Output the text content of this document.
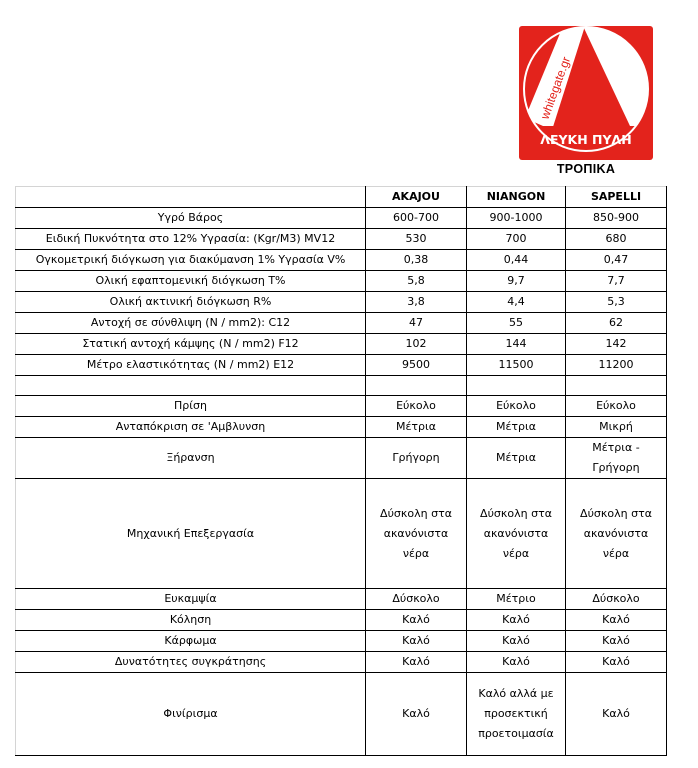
whitegate.gr
ΛΕΥΚΗ ΠΥΛΗ
ΤΡΟΠΙΚΑ
	AKAJOU	NIANGON	SAPELLI
Υγρό Βάρος	600-700	900-1000	850-900
Ειδική Πυκνότητα στο 12% Υγρασία: (Kgr/M3) MV12	530	700	680
Ογκομετρική διόγκωση για διακύμανση 1% Υγρασία V%	0,38	0,44	0,47
Ολική εφαπτομενική διόγκωση T%	5,8	9,7	7,7
Ολική ακτινική διόγκωση R%	3,8	4,4	5,3
Αντοχή σε σύνθλιψη (N / mm2): C12	47	55	62
Στατική αντοχή κάμψης (N / mm2) F12	102	144	142
Μέτρο ελαστικότητας (N / mm2) E12	9500	11500	11200

Πρίση	Εύκολο	Εύκολο	Εύκολο
Ανταπόκριση σε 'Αμβλυνση	Μέτρια	Μέτρια	Μικρή
Ξήρανση	Γρήγορη	Μέτρια	Μέτρια -
Γρήγορη
Μηχανική Επεξεργασία	Δύσκολη στα
ακανόνιστα
νέρα	Δύσκολη στα
ακανόνιστα
νέρα	Δύσκολη στα
ακανόνιστα
νέρα
Ευκαμψία	Δύσκολο	Μέτριο	Δύσκολο
Κόληση	Καλό	Καλό	Καλό
Κάρφωμα	Καλό	Καλό	Καλό
Δυνατότητες συγκράτησης	Καλό	Καλό	Καλό
Φινίρισμα	Καλό	Καλό αλλά με
προσεκτική
προετοιμασία	Καλό
